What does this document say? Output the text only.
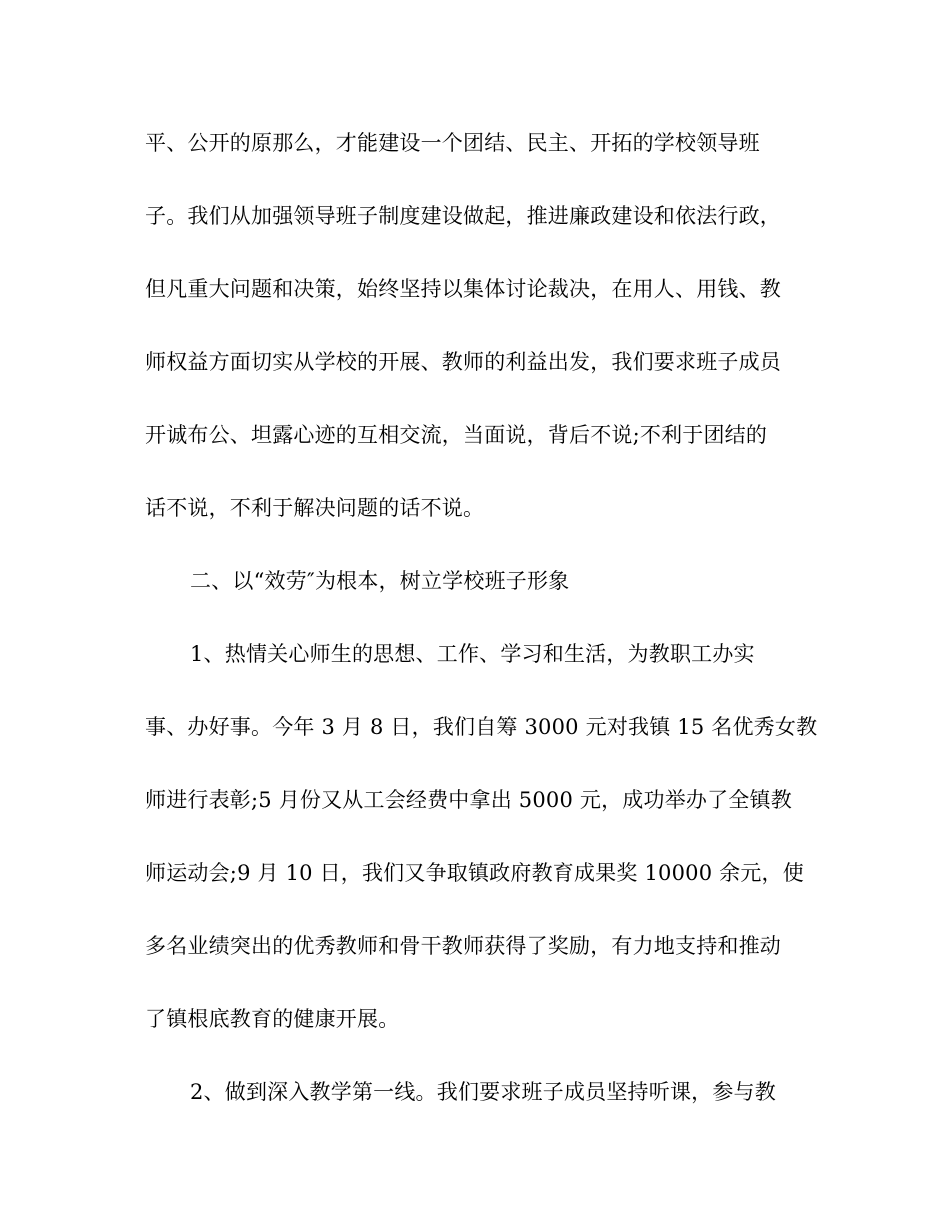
平、公开的原那么，才能建设一个团结、民主、开拓的学校领导班

子。我们从加强领导班子制度建设做起，推进廉政建设和依法行政，

但凡重大问题和决策，始终坚持以集体讨论裁决，在用人、用钱、教

师权益方面切实从学校的开展、教师的利益出发，我们要求班子成员

开诚布公、坦露心迹的互相交流，当面说，背后不说;不利于团结的

话不说，不利于解决问题的话不说。

二、以“效劳″为根本，树立学校班子形象

1、热情关心师生的思想、工作、学习和生活，为教职工办实

事、办好事。今年 3 月 8 日，我们自筹 3000 元对我镇 15 名优秀女教

师进行表彰;5 月份又从工会经费中拿出 5000 元，成功举办了全镇教

师运动会;9 月 10 日，我们又争取镇政府教育成果奖 10000 余元，使

多名业绩突出的优秀教师和骨干教师获得了奖励，有力地支持和推动

了镇根底教育的健康开展。

2、做到深入教学第一线。我们要求班子成员坚持听课，参与教
